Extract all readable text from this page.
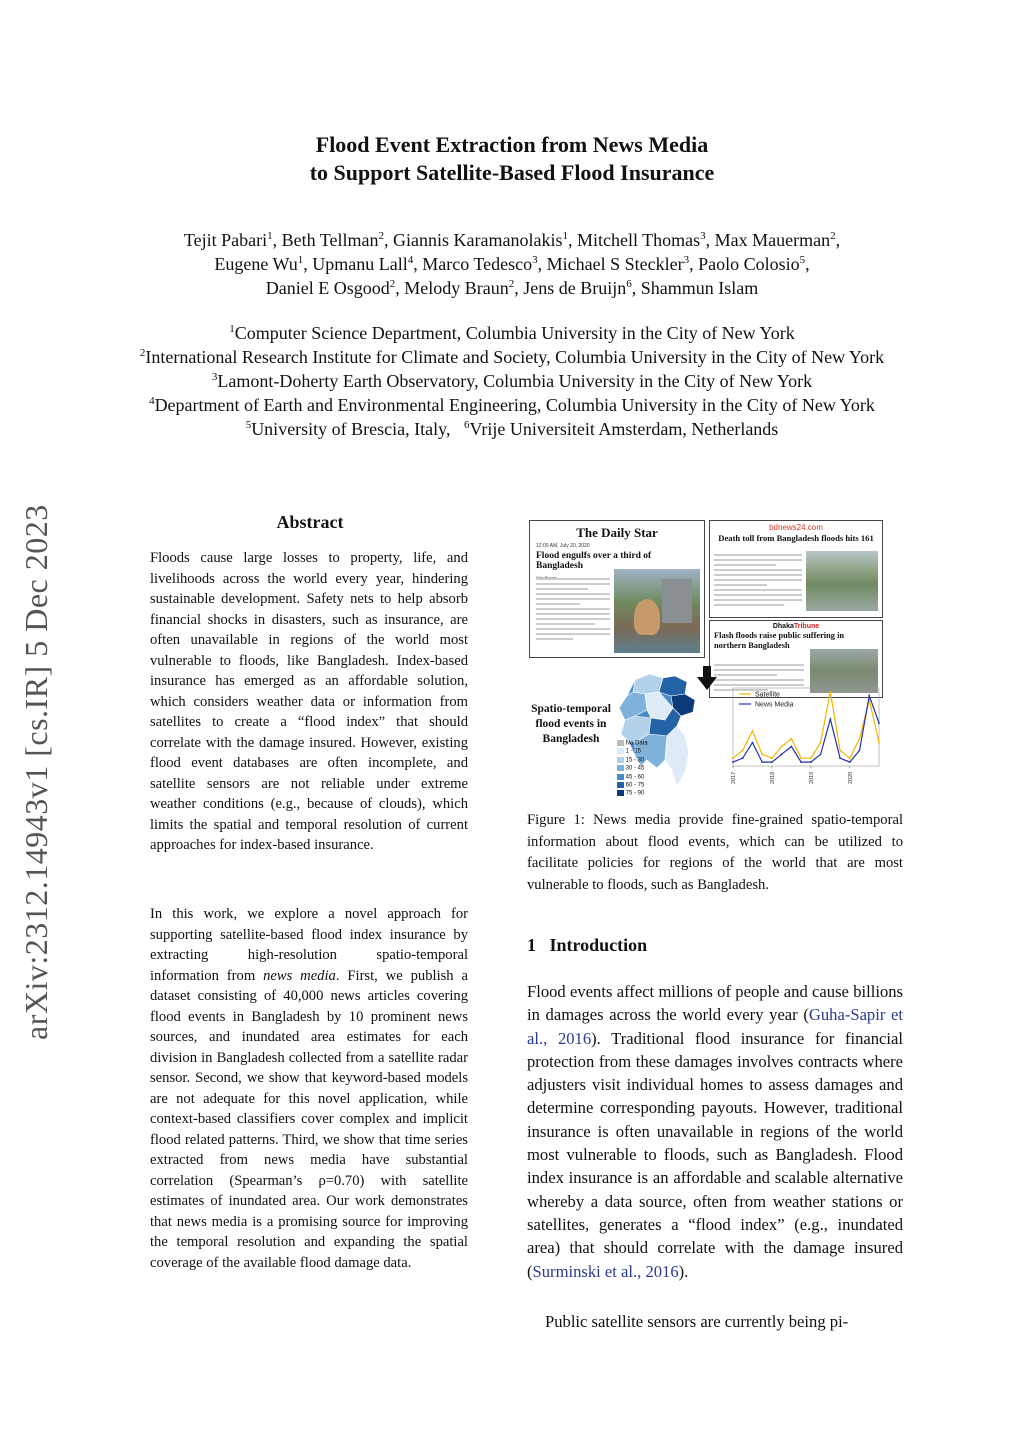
arXiv:2312.14943v1 [cs.IR] 5 Dec 2023
Flood Event Extraction from News Media
to Support Satellite-Based Flood Insurance
Tejit Pabari$^1$, Beth Tellman$^2$, Giannis Karamanolakis$^1$, Mitchell Thomas$^3$, Max Mauerman$^2$,
Eugene Wu$^1$, Upmanu Lall$^4$, Marco Tedesco$^3$, Michael S Steckler$^3$, Paolo Colosio$^5$,
Daniel E Osgood$^2$, Melody Braun$^2$, Jens de Bruijn$^6$, Shammun Islam
$^1$Computer Science Department, Columbia University in the City of New York
$^2$International Research Institute for Climate and Society, Columbia University in the City of New York
$^3$Lamont-Doherty Earth Observatory, Columbia University in the City of New York
$^4$Department of Earth and Environmental Engineering, Columbia University in the City of New York
$^5$University of Brescia, Italy, $^6$Vrije Universiteit Amsterdam, Netherlands
Abstract

Floods cause large losses to property, life, and livelihoods across the world every year, hindering sustainable development. Safety nets to help absorb financial shocks in disasters, such as insurance, are often unavailable in regions of the world most vulnerable to floods, like Bangladesh. Index-based insurance has emerged as an affordable solution, which considers weather data or information from satellites to create a “flood index” that should correlate with the damage insured. However, existing flood event databases are often incomplete, and satellite sensors are not reliable under extreme weather conditions (e.g., because of clouds), which limits the spatial and temporal resolution of current approaches for index-based insurance.

In this work, we explore a novel approach for supporting satellite-based flood index insurance by extracting high-resolution spatio-temporal information from news media. First, we publish a dataset consisting of 40,000 news articles covering flood events in Bangladesh by 10 prominent news sources, and inundated area estimates for each division in Bangladesh collected from a satellite radar sensor. Second, we show that keyword-based models are not adequate for this novel application, while context-based classifiers cover complex and implicit flood related patterns. Third, we show that time series extracted from news media have substantial correlation (Spearman’s ρ=0.70) with satellite estimates of inundated area. Our work demonstrates that news media is a promising source for improving the temporal resolution and expanding the spatial coverage of the available flood damage data.

The Daily Star
12:00 AM, July 20, 2020
Flood engulfs over a third of Bangladesh
bdnews24.com
Death toll from Bangladesh floods hits 161
DhakaTribune
Flash floods raise public suffering in northern Bangladesh
Spatio-temporal flood events in Bangladesh	No Data
1 - 15
15 - 30
30 - 45
45 - 60
60 - 75
75 - 90
Satellite
News Media
2017	2018	2019	2020

Figure 1: News media provide fine-grained spatio-temporal information about flood events, which can be utilized to facilitate policies for regions of the world that are most vulnerable to floods, such as Bangladesh.

1 Introduction

Flood events affect millions of people and cause billions in damages across the world every year (Guha-Sapir et al., 2016). Traditional flood insurance for financial protection from these damages involves contracts where adjusters visit individual homes to assess damages and determine corresponding payouts. However, traditional insurance is often unavailable in regions of the world most vulnerable to floods, such as Bangladesh. Flood index insurance is an affordable and scalable alternative whereby a data source, often from weather stations or satellites, generates a “flood index” (e.g., inundated area) that should correlate with the damage insured (Surminski et al., 2016).

Public satellite sensors are currently being pi-
